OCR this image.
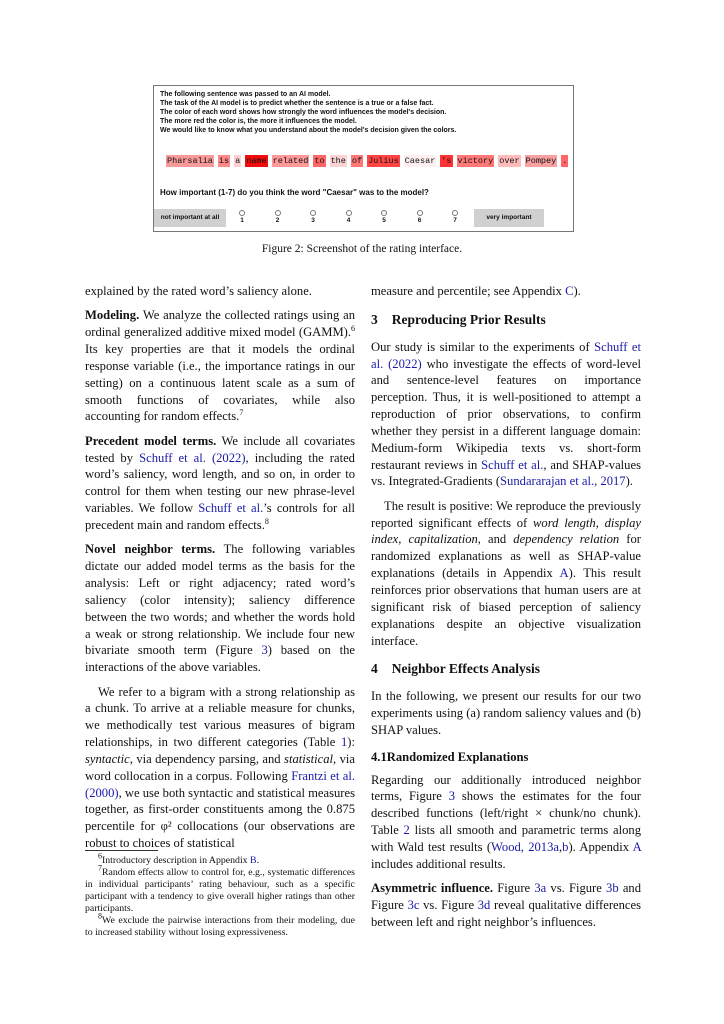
The following sentence was passed to an AI model.
The task of the AI model is to predict whether the sentence is a true or a false fact.
The color of each word shows how strongly the word influences the model's decision.
The more red the color is, the more it influences the model.
We would like to know what you understand about the model's decision given the colors.
Pharsalia is a name related to the of Julius Caesar 's victory over Pompey .
How important (1-7) do you think the word "Caesar" was to the model?
not important at all	1	2	3	4	5	6	7	very important
Figure 2: Screenshot of the rating interface.

explained by the rated word’s saliency alone.

Modeling. We analyze the collected ratings using an ordinal generalized additive mixed model (GAMM).$^6$ Its key properties are that it models the ordinal response variable (i.e., the importance ratings in our setting) on a continuous latent scale as a sum of smooth functions of covariates, while also accounting for random effects.$^7$

Precedent model terms. We include all covariates tested by Schuff et al. (2022), including the rated word’s saliency, word length, and so on, in order to control for them when testing our new phrase-level variables. We follow Schuff et al.’s controls for all precedent main and random effects.$^8$

Novel neighbor terms. The following variables dictate our added model terms as the basis for the analysis: Left or right adjacency; rated word’s saliency (color intensity); saliency difference between the two words; and whether the words hold a weak or strong relationship. We include four new bivariate smooth term (Figure 3) based on the interactions of the above variables.

We refer to a bigram with a strong relationship as a chunk. To arrive at a reliable measure for chunks, we methodically test various measures of bigram relationships, in two different categories (Table 1): syntactic, via dependency parsing, and statistical, via word collocation in a corpus. Following Frantzi et al. (2000), we use both syntactic and statistical measures together, as first-order constituents among the 0.875 percentile for φ² collocations (our observations are robust to choices of statistical

measure and percentile; see Appendix C).

3 Reproducing Prior Results

Our study is similar to the experiments of Schuff et al. (2022) who investigate the effects of word-level and sentence-level features on importance perception. Thus, it is well-positioned to attempt a reproduction of prior observations, to confirm whether they persist in a different language domain: Medium-form Wikipedia texts vs. short-form restaurant reviews in Schuff et al., and SHAP-values vs. Integrated-Gradients (Sundararajan et al., 2017).

The result is positive: We reproduce the previously reported significant effects of word length, display index, capitalization, and dependency relation for randomized explanations as well as SHAP-value explanations (details in Appendix A). This result reinforces prior observations that human users are at significant risk of biased perception of saliency explanations despite an objective visualization interface.

4 Neighbor Effects Analysis

In the following, we present our results for our two experiments using (a) random saliency values and (b) SHAP values.

4.1Randomized Explanations

Regarding our additionally introduced neighbor terms, Figure 3 shows the estimates for the four described functions (left/right × chunk/no chunk). Table 2 lists all smooth and parametric terms along with Wald test results (Wood, 2013a,b). Appendix A includes additional results.

Asymmetric influence. Figure 3a vs. Figure 3b and Figure 3c vs. Figure 3d reveal qualitative differences between left and right neighbor’s influences.

$^6$Introductory description in Appendix B.

$^7$Random effects allow to control for, e.g., systematic differences in individual participants’ rating behaviour, such as a specific participant with a tendency to give overall higher ratings than other participants.

$^8$We exclude the pairwise interactions from their modeling, due to increased stability without losing expressiveness.
